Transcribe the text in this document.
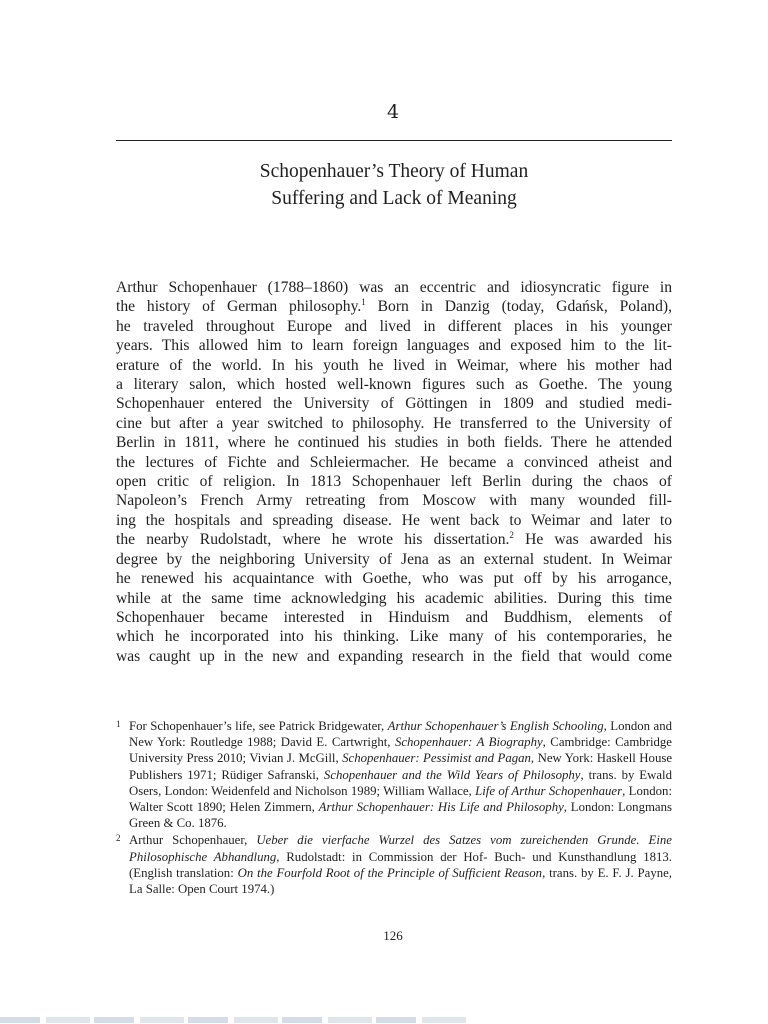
4
Schopenhauer’s Theory of Human
Suffering and Lack of Meaning
Arthur Schopenhauer (1788–1860) was an eccentric and idiosyncratic figure in
the history of German philosophy.$^1$ Born in Danzig (today, Gdańsk, Poland),
he traveled throughout Europe and lived in different places in his younger
years. This allowed him to learn foreign languages and exposed him to the lit-
erature of the world. In his youth he lived in Weimar, where his mother had
a literary salon, which hosted well-known figures such as Goethe. The young
Schopenhauer entered the University of Göttingen in 1809 and studied medi-
cine but after a year switched to philosophy. He transferred to the University of
Berlin in 1811, where he continued his studies in both fields. There he attended
the lectures of Fichte and Schleiermacher. He became a convinced atheist and
open critic of religion. In 1813 Schopenhauer left Berlin during the chaos of
Napoleon’s French Army retreating from Moscow with many wounded fill-
ing the hospitals and spreading disease. He went back to Weimar and later to
the nearby Rudolstadt, where he wrote his dissertation.$^2$ He was awarded his
degree by the neighboring University of Jena as an external student. In Weimar
he renewed his acquaintance with Goethe, who was put off by his arrogance,
while at the same time acknowledging his academic abilities. During this time
Schopenhauer became interested in Hinduism and Buddhism, elements of
which he incorporated into his thinking. Like many of his contemporaries, he
was caught up in the new and expanding research in the field that would come
1 For Schopenhauer’s life, see Patrick Bridgewater, Arthur Schopenhauer’s English Schooling, London and New York: Routledge 1988; David E. Cartwright, Schopenhauer: A Biography, Cambridge: Cambridge University Press 2010; Vivian J. McGill, Schopenhauer: Pessimist and Pagan, New York: Haskell House Publishers 1971; Rüdiger Safranski, Schopenhauer and the Wild Years of Philosophy, trans. by Ewald Osers, London: Weidenfeld and Nicholson 1989; William Wallace, Life of Arthur Schopenhauer, London: Walter Scott 1890; Helen Zimmern, Arthur Schopenhauer: His Life and Philosophy, London: Longmans Green & Co. 1876.
2 Arthur Schopenhauer, Ueber die vierfache Wurzel des Satzes vom zureichenden Grunde. Eine Philosophische Abhandlung, Rudolstadt: in Commission der Hof- Buch- und Kunsthandlung 1813. (English translation: On the Fourfold Root of the Principle of Sufficient Reason, trans. by E. F. J. Payne, La Salle: Open Court 1974.)
126
